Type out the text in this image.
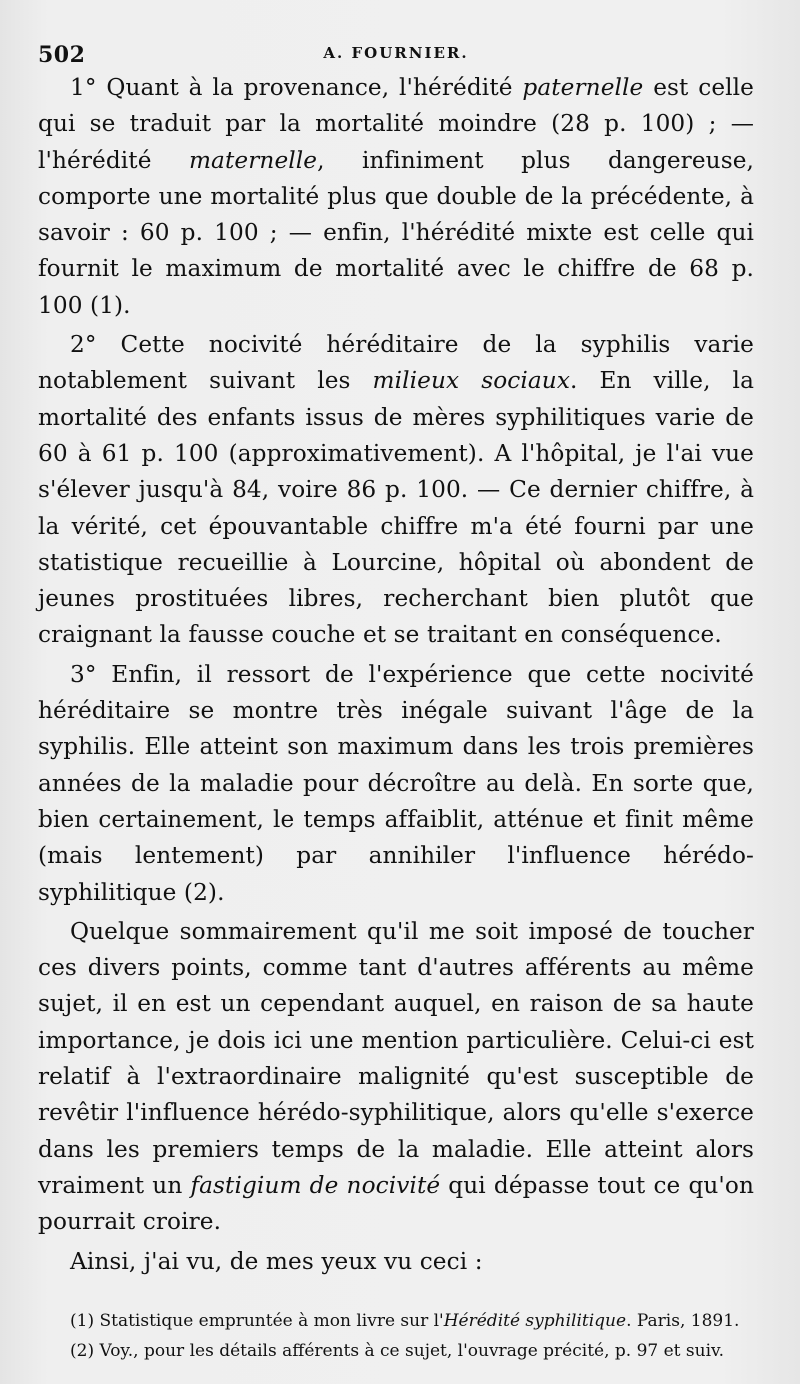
502	A. FOURNIER.

1° Quant à la provenance, l'hérédité paternelle est celle qui se traduit par la mortalité moindre (28 p. 100) ; — l'hérédité maternelle, infiniment plus dangereuse, comporte une mortalité plus que double de la précédente, à savoir : 60 p. 100 ; — enfin, l'hérédité mixte est celle qui fournit le maximum de mortalité avec le chiffre de 68 p. 100 (1).

2° Cette nocivité héréditaire de la syphilis varie notablement suivant les milieux sociaux. En ville, la mortalité des enfants issus de mères syphilitiques varie de 60 à 61 p. 100 (approximativement). A l'hôpital, je l'ai vue s'élever jusqu'à 84, voire 86 p. 100. — Ce dernier chiffre, à la vérité, cet épouvantable chiffre m'a été fourni par une statistique recueillie à Lourcine, hôpital où abondent de jeunes prostituées libres, recherchant bien plutôt que craignant la fausse couche et se traitant en conséquence.

3° Enfin, il ressort de l'expérience que cette nocivité héréditaire se montre très inégale suivant l'âge de la syphilis. Elle atteint son maximum dans les trois premières années de la maladie pour décroître au delà. En sorte que, bien certainement, le temps affaiblit, atténue et finit même (mais lentement) par annihiler l'influence hérédo-syphilitique (2).

Quelque sommairement qu'il me soit imposé de toucher ces divers points, comme tant d'autres afférents au même sujet, il en est un cependant auquel, en raison de sa haute importance, je dois ici une mention particulière. Celui-ci est relatif à l'extraordinaire malignité qu'est susceptible de revêtir l'influence hérédo-syphilitique, alors qu'elle s'exerce dans les premiers temps de la maladie. Elle atteint alors vraiment un fastigium de nocivité qui dépasse tout ce qu'on pourrait croire.

Ainsi, j'ai vu, de mes yeux vu ceci :

(1) Statistique empruntée à mon livre sur l'Hérédité syphilitique. Paris, 1891.

(2) Voy., pour les détails afférents à ce sujet, l'ouvrage précité, p. 97 et suiv.
